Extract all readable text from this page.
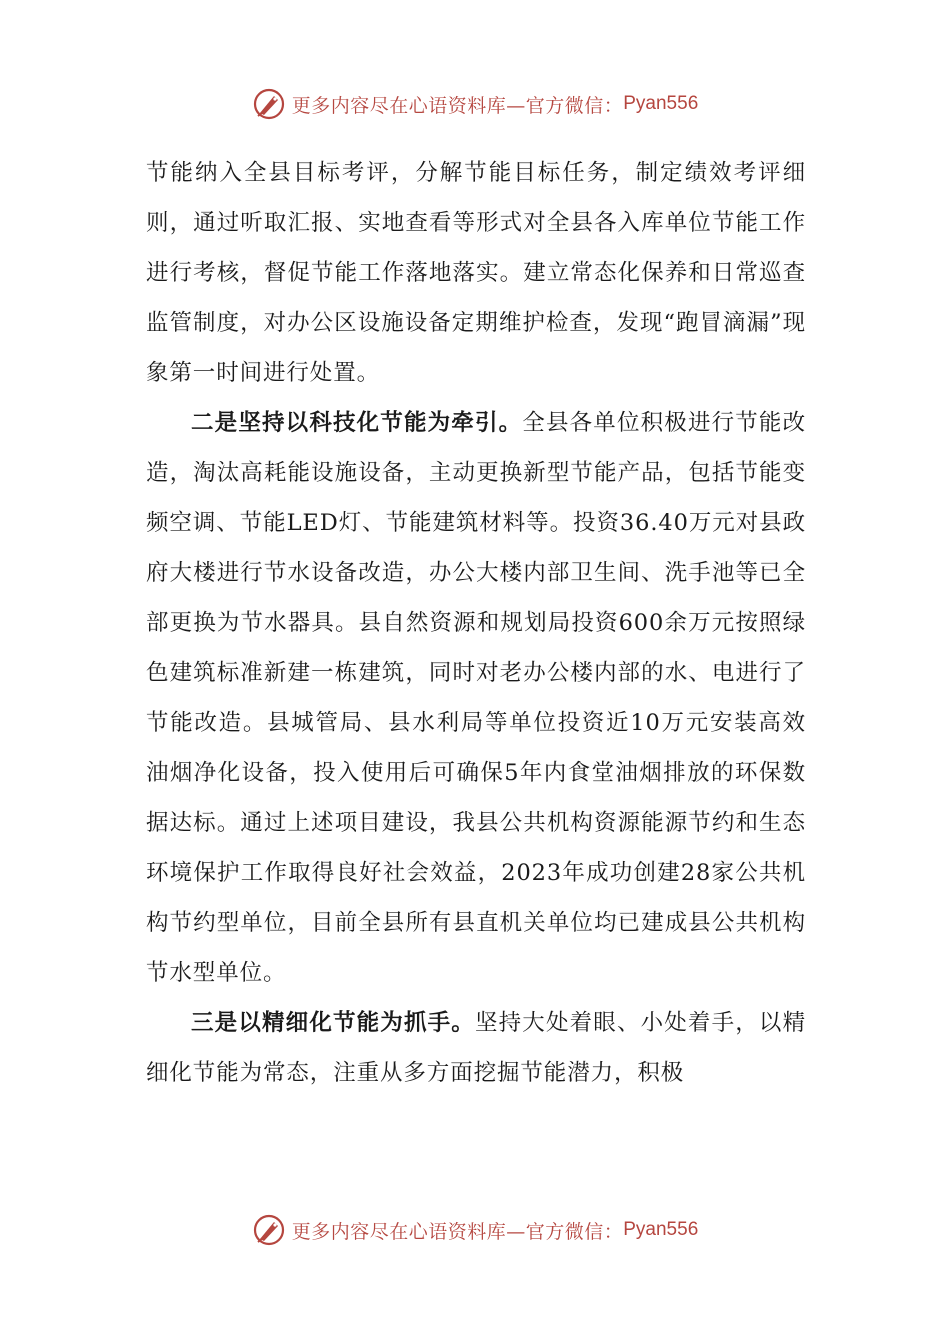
更多内容尽在心语资料库—官方微信： Pyan556

节能纳入全县目标考评，分解节能目标任务，制定绩效考评细则，通过听取汇报、实地查看等形式对全县各入库单位节能工作进行考核，督促节能工作落地落实。建立常态化保养和日常巡查监管制度，对办公区设施设备定期维护检查，发现“跑冒滴漏”现象第一时间进行处置。

二是坚持以科技化节能为牵引。全县各单位积极进行节能改造，淘汰高耗能设施设备，主动更换新型节能产品，包括节能变频空调、节能LED灯、节能建筑材料等。投资36.40万元对县政府大楼进行节水设备改造，办公大楼内部卫生间、洗手池等已全部更换为节水器具。县自然资源和规划局投资600余万元按照绿色建筑标准新建一栋建筑，同时对老办公楼内部的水、电进行了节能改造。县城管局、县水利局等单位投资近10万元安装高效油烟净化设备，投入使用后可确保5年内食堂油烟排放的环保数据达标。通过上述项目建设，我县公共机构资源能源节约和生态环境保护工作取得良好社会效益，2023年成功创建28家公共机构节约型单位，目前全县所有县直机关单位均已建成县公共机构节水型单位。

三是以精细化节能为抓手。坚持大处着眼、小处着手，以精细化节能为常态，注重从多方面挖掘节能潜力，积极

更多内容尽在心语资料库—官方微信： Pyan556
